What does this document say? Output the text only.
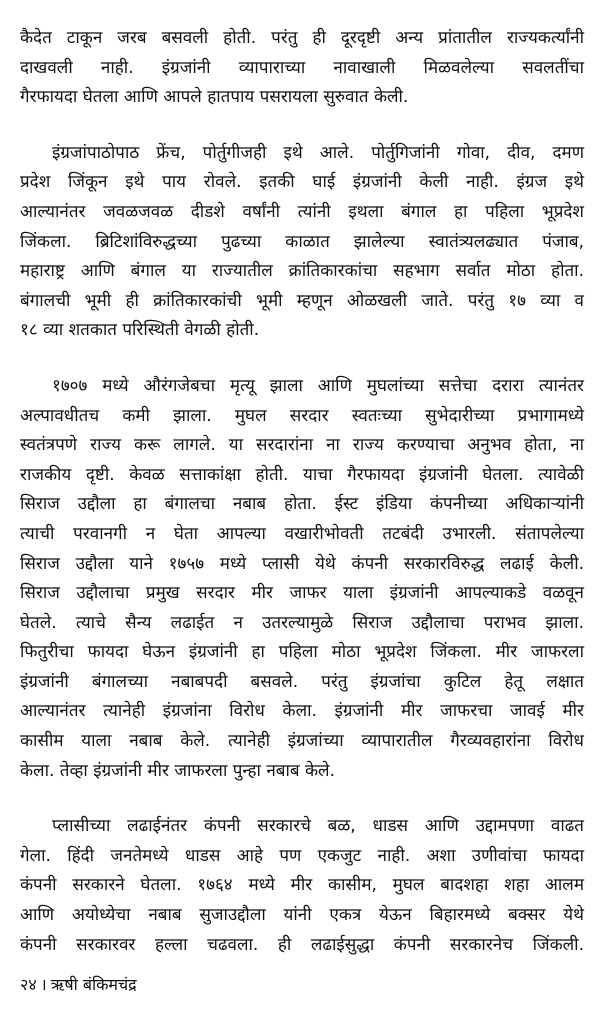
कैदेत टाकून जरब बसवली होती. परंतु ही दूरदृष्टी अन्य प्रांतातील राज्यकर्त्यांनी
दाखवली नाही. इंग्रजांनी व्यापाराच्या नावाखाली मिळवलेल्या सवलतींचा
गैरफायदा घेतला आणि आपले हातपाय पसरायला सुरुवात केली.

इंग्रजांपाठोपाठ फ्रेंच, पोर्तुगीजही इथे आले. पोर्तुगिजांनी गोवा, दीव, दमण
प्रदेश जिंकून इथे पाय रोवले. इतकी घाई इंग्रजांनी केली नाही. इंग्रज इथे
आल्यानंतर जवळजवळ दीडशे वर्षांनी त्यांनी इथला बंगाल हा पहिला भूप्रदेश
जिंकला. ब्रिटिशांविरुद्धच्या पुढच्या काळात झालेल्या स्वातंत्र्यलढ्यात पंजाब,
महाराष्ट्र आणि बंगाल या राज्यातील क्रांतिकारकांचा सहभाग सर्वात मोठा होता.
बंगालची भूमी ही क्रांतिकारकांची भूमी म्हणून ओळखली जाते. परंतु १७ व्या व
१८ व्या शतकात परिस्थिती वेगळी होती.

१७०७ मध्ये औरंगजेबचा मृत्यू झाला आणि मुघलांच्या सत्तेचा दरारा त्यानंतर
अल्पावधीतच कमी झाला. मुघल सरदार स्वतःच्या सुभेदारीच्या प्रभागामध्ये
स्वतंत्रपणे राज्य करू लागले. या सरदारांना ना राज्य करण्याचा अनुभव होता, ना
राजकीय दृष्टी. केवळ सत्ताकांक्षा होती. याचा गैरफायदा इंग्रजांनी घेतला. त्यावेळी
सिराज उद्दौला हा बंगालचा नबाब होता. ईस्ट इंडिया कंपनीच्या अधिकाऱ्यांनी
त्याची परवानगी न घेता आपल्या वखारीभोवती तटबंदी उभारली. संतापलेल्या
सिराज उद्दौला याने १७५७ मध्ये प्लासी येथे कंपनी सरकारविरुद्ध लढाई केली.
सिराज उद्दौलाचा प्रमुख सरदार मीर जाफर याला इंग्रजांनी आपल्याकडे वळवून
घेतले. त्याचे सैन्य लढाईत न उतरल्यामुळे सिराज उद्दौलाचा पराभव झाला.
फितुरीचा फायदा घेऊन इंग्रजांनी हा पहिला मोठा भूप्रदेश जिंकला. मीर जाफरला
इंग्रजांनी बंगालच्या नबाबपदी बसवले. परंतु इंग्रजांचा कुटिल हेतू लक्षात
आल्यानंतर त्यानेही इंग्रजांना विरोध केला. इंग्रजांनी मीर जाफरचा जावई मीर
कासीम याला नबाब केले. त्यानेही इंग्रजांच्या व्यापारातील गैरव्यवहारांना विरोध
केला. तेव्हा इंग्रजांनी मीर जाफरला पुन्हा नबाब केले.

प्लासीच्या लढाईनंतर कंपनी सरकारचे बळ, धाडस आणि उद्दामपणा वाढत
गेला. हिंदी जनतेमध्ये धाडस आहे पण एकजुट नाही. अशा उणीवांचा फायदा
कंपनी सरकारने घेतला. १७६४ मध्ये मीर कासीम, मुघल बादशहा शहा आलम
आणि अयोध्येचा नबाब सुजाउद्दौला यांनी एकत्र येऊन बिहारमध्ये बक्सर येथे
कंपनी सरकारवर हल्ला चढवला. ही लढाईसुद्धा कंपनी सरकारनेच जिंकली.

२४ । ऋषी बंकिमचंद्र
